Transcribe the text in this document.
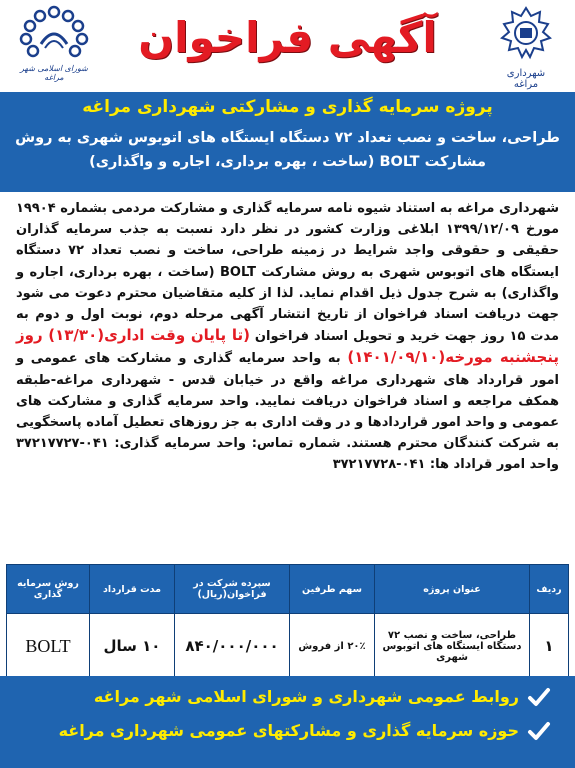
شهرداری مراغه
آگهی فراخوان
شورای اسلامی شهر مراغه
پروژه سرمایه گذاری و مشارکتی شهرداری مراغه
طراحی، ساخت و نصب تعداد ۷۲ دستگاه ایستگاه های اتوبوس شهری به روش مشارکت BOLT (ساخت ، بهره برداری، اجاره و واگذاری)
شهرداری مراغه به استناد شیوه نامه سرمایه گذاری و مشارکت مردمی بشماره ۱۹۹۰۴ مورخ ۱۳۹۹/۱۲/۰۹ ابلاغی وزارت کشور در نظر دارد نسبت به جذب سرمایه گذاران حقیقی و حقوقی واجد شرایط در زمینه طراحی، ساخت و نصب تعداد ۷۲ دستگاه ایستگاه های اتوبوس شهری به روش مشارکت BOLT (ساخت ، بهره برداری، اجاره و واگذاری) به شرح جدول ذیل اقدام نماید. لذا از کلیه متقاضیان محترم دعوت می شود جهت دریافت اسناد فراخوان از تاریخ انتشار آگهی مرحله دوم، نوبت اول و دوم به مدت ۱۵ روز جهت خرید و تحویل اسناد فراخوان (تا پایان وقت اداری(۱۳/۳۰) روز پنجشنبه مورخه(۱۴۰۱/۰۹/۱۰) به واحد سرمایه گذاری و مشارکت های عمومی و امور قرارداد های شهرداری مراغه واقع در خیابان قدس - شهرداری مراغه-طبقه همکف مراجعه و اسناد فراخوان دریافت نمایید. واحد سرمایه گذاری و مشارکت های عمومی و واحد امور قراردادها و در وقت اداری به جز روزهای تعطیل آماده پاسخگویی به شرکت کنندگان محترم هستند. شماره تماس: واحد سرمایه گذاری: ۰۴۱-۳۷۲۱۷۷۲۷ واحد امور قراداد ها: ۰۴۱-۳۷۲۱۷۷۲۸
ردیف	عنوان پروژه	سهم طرفین	سپرده شرکت در فراخوان(ریال)	مدت قرارداد	روش سرمایه گذاری
۱	طراحی، ساخت و نصب ۷۲ دستگاه ایستگاه های اتوبوس شهری	۲۰٪ از فروش	۸۴۰/۰۰۰/۰۰۰	۱۰ سال	BOLT
روابط عمومی شهرداری و شورای اسلامی شهر مراغه
حوزه سرمایه گذاری و مشارکتهای عمومی شهرداری مراغه
